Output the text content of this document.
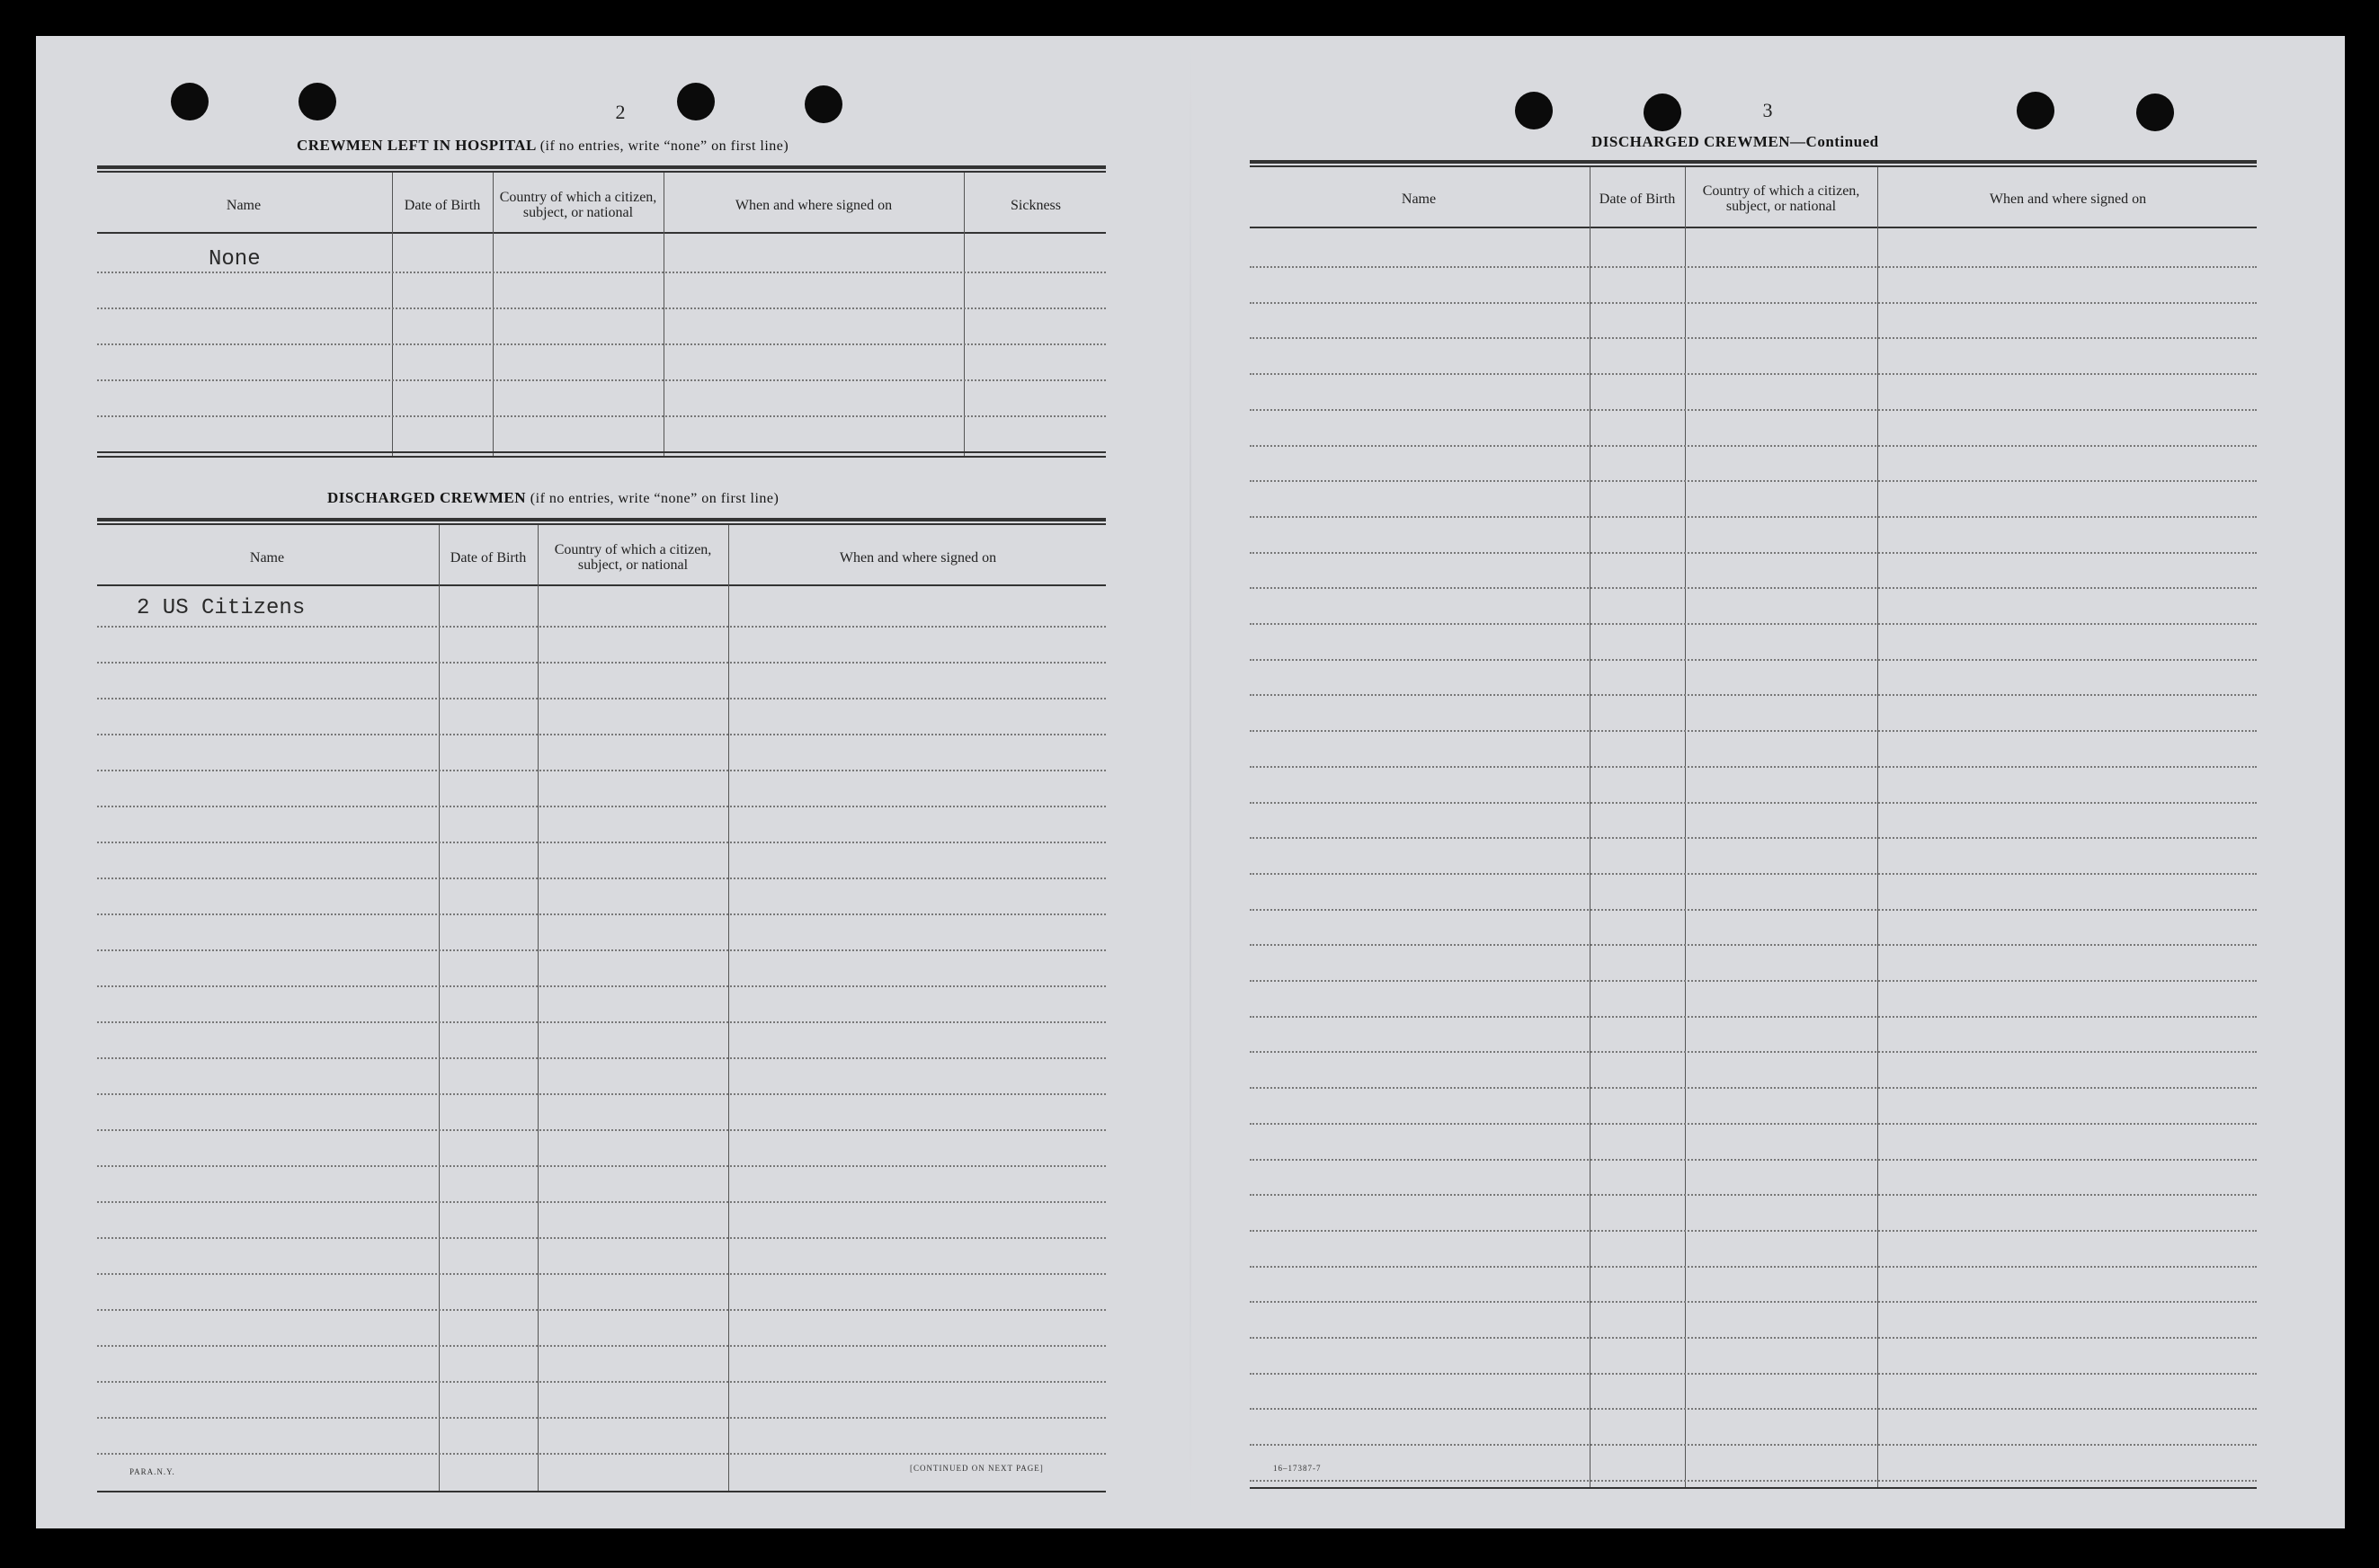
2
CREWMEN LEFT IN HOSPITAL (if no entries, write “none” on first line)
Name	Date of Birth	Country of which a citizen, subject, or national	When and where signed on	Sickness
None
DISCHARGED CREWMEN (if no entries, write “none” on first line)
Name	Date of Birth	Country of which a citizen, subject, or national	When and where signed on
2 US Citizens
PARA.N.Y.	[CONTINUED ON NEXT PAGE]
3
DISCHARGED CREWMEN—Continued
Name	Date of Birth	Country of which a citizen, subject, or national	When and where signed on
16–17387-7
